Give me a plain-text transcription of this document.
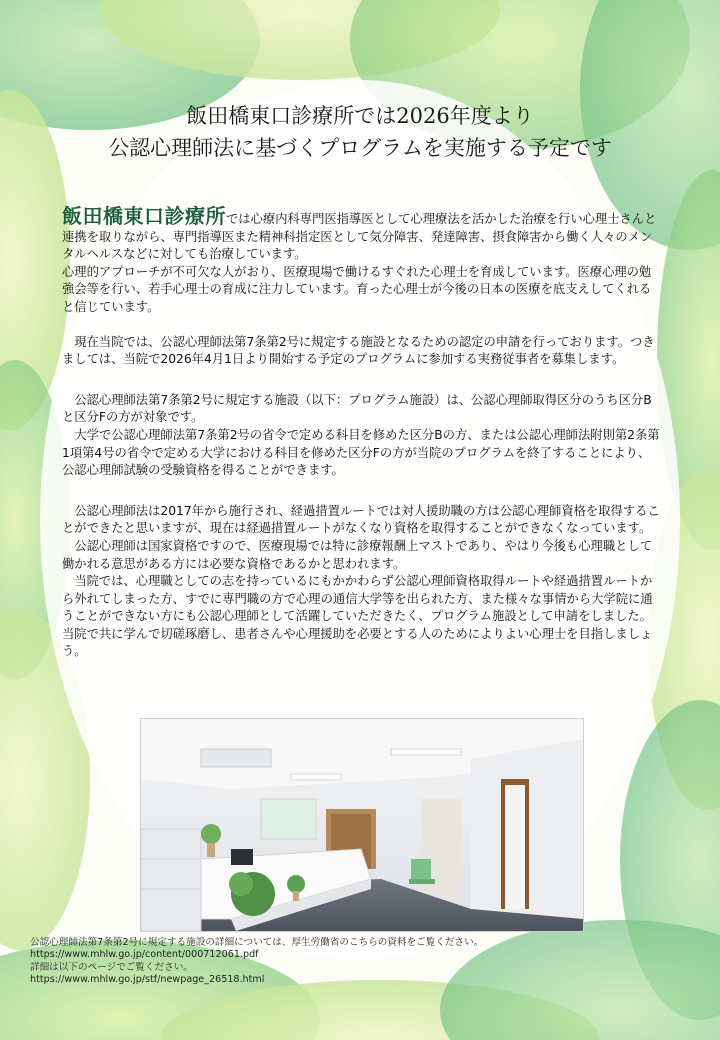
飯田橋東口診療所では2026年度より
公認心理師法に基づくプログラムを実施する予定です

飯田橋東口診療所では心療内科専門医指導医として心理療法を活かした治療を行い心理士さんと連携を取りながら、専門指導医また精神科指定医として気分障害、発達障害、摂食障害から働く人々のメンタルヘルスなどに対しても治療しています。

心理的アプローチが不可欠な人がおり、医療現場で働けるすぐれた心理士を育成しています。医療心理の勉強会等を行い、若手心理士の育成に注力しています。育った心理士が今後の日本の医療を底支えしてくれると信じています。

　現在当院では、公認心理師法第7条第2号に規定する施設となるための認定の申請を行っております。つきましては、当院で2026年4月1日より開始する予定のプログラムに参加する実務従事者を募集します。

　公認心理師法第7条第2号に規定する施設（以下：プログラム施設）は、公認心理師取得区分のうち区分Bと区分Fの方が対象です。

　大学で公認心理師法第7条第2号の省令で定める科目を修めた区分Bの方、または公認心理師法附則第2条第1項第4号の省令で定める大学における科目を修めた区分Fの方が当院のプログラムを終了することにより、公認心理師試験の受験資格を得ることができます。

　公認心理師法は2017年から施行され、経過措置ルートでは対人援助職の方は公認心理師資格を取得することができたと思いますが、現在は経過措置ルートがなくなり資格を取得することができなくなっています。

　公認心理師は国家資格ですので、医療現場では特に診療報酬上マストであり、やはり今後も心理職として働かれる意思がある方には必要な資格であるかと思われます。

　当院では、心理職としての志を持っているにもかかわらず公認心理師資格取得ルートや経過措置ルートから外れてしまった方、すでに専門職の方で心理の通信大学等を出られた方、また様々な事情から大学院に通うことができない方にも公認心理師として活躍していただきたく、プログラム施設として申請をしました。当院で共に学んで切磋琢磨し、患者さんや心理援助を必要とする人のためによりよい心理士を目指しましょう。

公認心理師法第7条第2号に規定する施設の詳細については、厚生労働省のこちらの資料をご覧ください。
https://www.mhlw.go.jp/content/000712061.pdf
詳細は以下のページでご覧ください。
https://www.mhlw.go.jp/stf/newpage_26518.html
